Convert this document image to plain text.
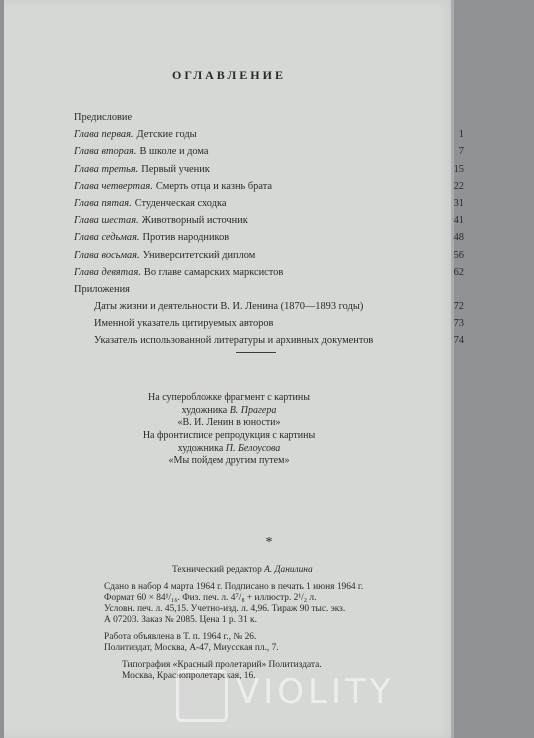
ОГЛАВЛЕНИЕ
Предисловие
Глава первая. Детские годы	1
Глава вторая. В школе и дома	7
Глава третья. Первый ученик	15
Глава четвертая. Смерть отца и казнь брата	22
Глава пятая. Студенческая сходка	31
Глава шестая. Животворный источник	41
Глава седьмая. Против народников	48
Глава восьмая. Университетский диплом	56
Глава девятая. Во главе самарских марксистов	62
Приложения
Даты жизни и деятельности В. И. Ленина (1870—1893 годы)	72
Именной указатель цитируемых авторов	73
Указатель использованной литературы и архивных документов	74
На суперобложке фрагмент с картины
художника В. Прагера
«В. И. Ленин в юности»
На фронтисписе репродукция с картины
художника П. Белоусова
«Мы пойдем другим путем»
*
Технический редактор А. Данилина
Сдано в набор 4 марта 1964 г. Подписано в печать 1 июня 1964 г.
Формат 60 × 84¹/₁₆. Физ. печ. л. 4⁷/₈ + иллюстр. 2¹/₂ л.
Условн. печ. л. 45,15. Учетно-изд. л. 4,96. Тираж 90 тыс. экз.
А 07203. Заказ № 2085. Цена 1 р. 31 к.
Работа объявлена в Т. п. 1964 г., № 26.
Политиздат, Москва, А-47, Миусская пл., 7.
Типография «Красный пролетарий» Политиздата.
Москва, Краснопролетарская, 16.
VIOLITY
